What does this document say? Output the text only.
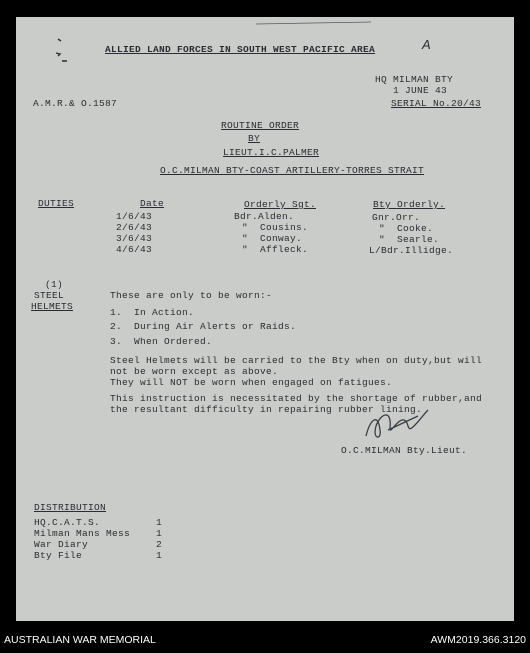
ALLIED LAND FORCES IN SOUTH WEST PACIFIC AREA	A
HQ MILMAN BTY
1 JUNE 43
A.M.R.& O.1587	SERIAL No.20/43
ROUTINE ORDER
BY
LIEUT.I.C.PALMER
O.C.MILMAN BTY-COAST ARTILLERY-TORRES STRAIT
DUTIES	Date	Orderly Sgt.	Bty Orderly.
1/6/43	Bdr.Alden.	Gnr.Orr.
2/6/43	"  Cousins.	"  Cooke.
3/6/43	"  Conway.	"  Searle.
4/6/43	"  Affleck.	L/Bdr.Illidge.
(1)
STEEL
HELMETS
These are only to be worn:-
1.  In Action.
2.  During Air Alerts or Raids.
3.  When Ordered.
Steel Helmets will be carried to the Bty when on duty,but will
not be worn except as above.
They will NOT be worn when engaged on fatigues.
This instruction is necessitated by the shortage of rubber,and
the resultant difficulty in repairing rubber lining.
O.C.MILMAN Bty.Lieut.
DISTRIBUTION
HQ.C.A.T.S.	1
Milman Mans Mess	1
War Diary	2
Bty File	1
AUSTRALIAN WAR MEMORIAL	AWM2019.366.3120
